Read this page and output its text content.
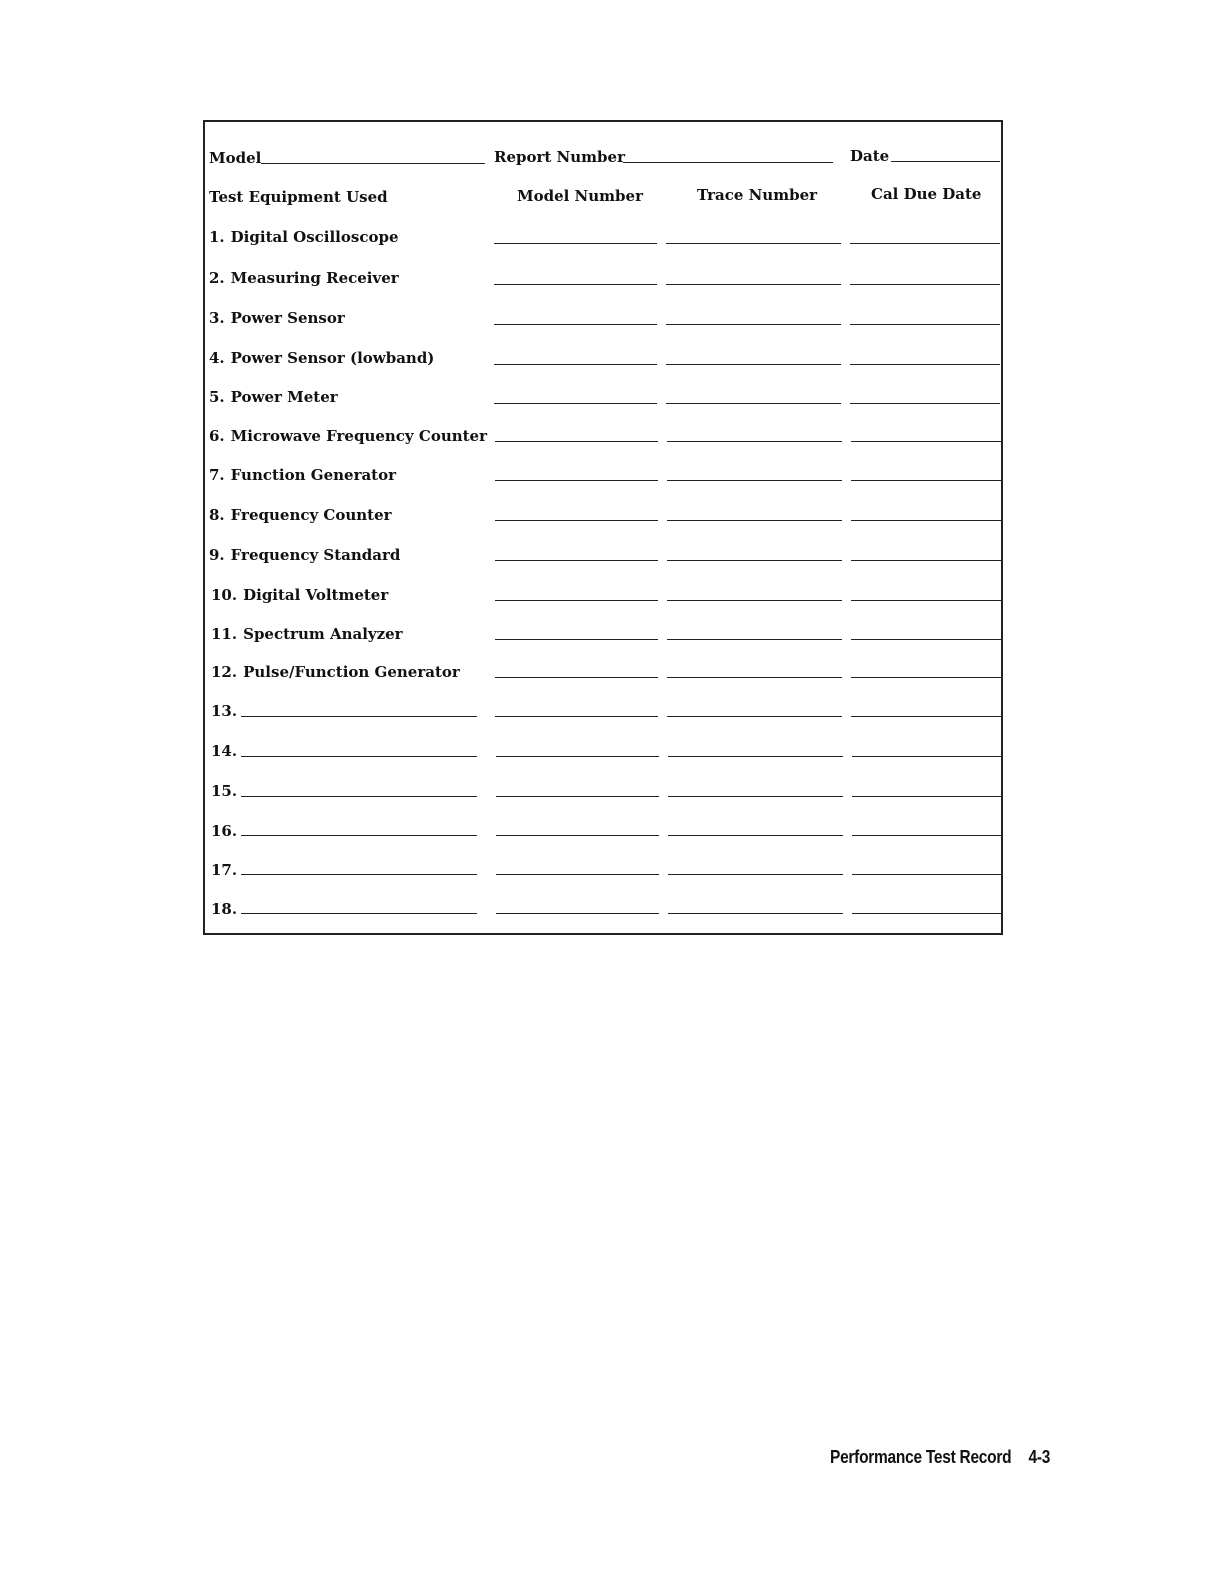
Model	Report Number	Date
Test Equipment Used	Model Number	Trace Number	Cal Due Date
1. Digital Oscilloscope
2. Measuring Receiver
3. Power Sensor
4. Power Sensor (lowband)
5. Power Meter
6. Microwave Frequency Counter
7. Function Generator
8. Frequency Counter
9. Frequency Standard
10. Digital Voltmeter
11. Spectrum Analyzer
12. Pulse/Function Generator
13.
14.
15.
16.
17.
18.
Performance Test Record 4-3
